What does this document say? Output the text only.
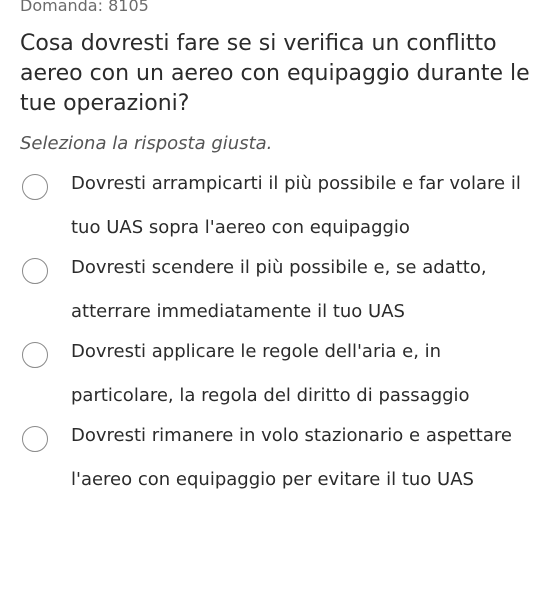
Domanda: 8105
Cosa dovresti fare se si verifica un conflitto aereo con un aereo con equipaggio durante le tue operazioni?
Seleziona la risposta giusta.
Dovresti arrampicarti il più possibile e far volare il tuo UAS sopra l'aereo con equipaggio
Dovresti scendere il più possibile e, se adatto, atterrare immediatamente il tuo UAS
Dovresti applicare le regole dell'aria e, in particolare, la regola del diritto di passaggio
Dovresti rimanere in volo stazionario e aspettare l'aereo con equipaggio per evitare il tuo UAS
